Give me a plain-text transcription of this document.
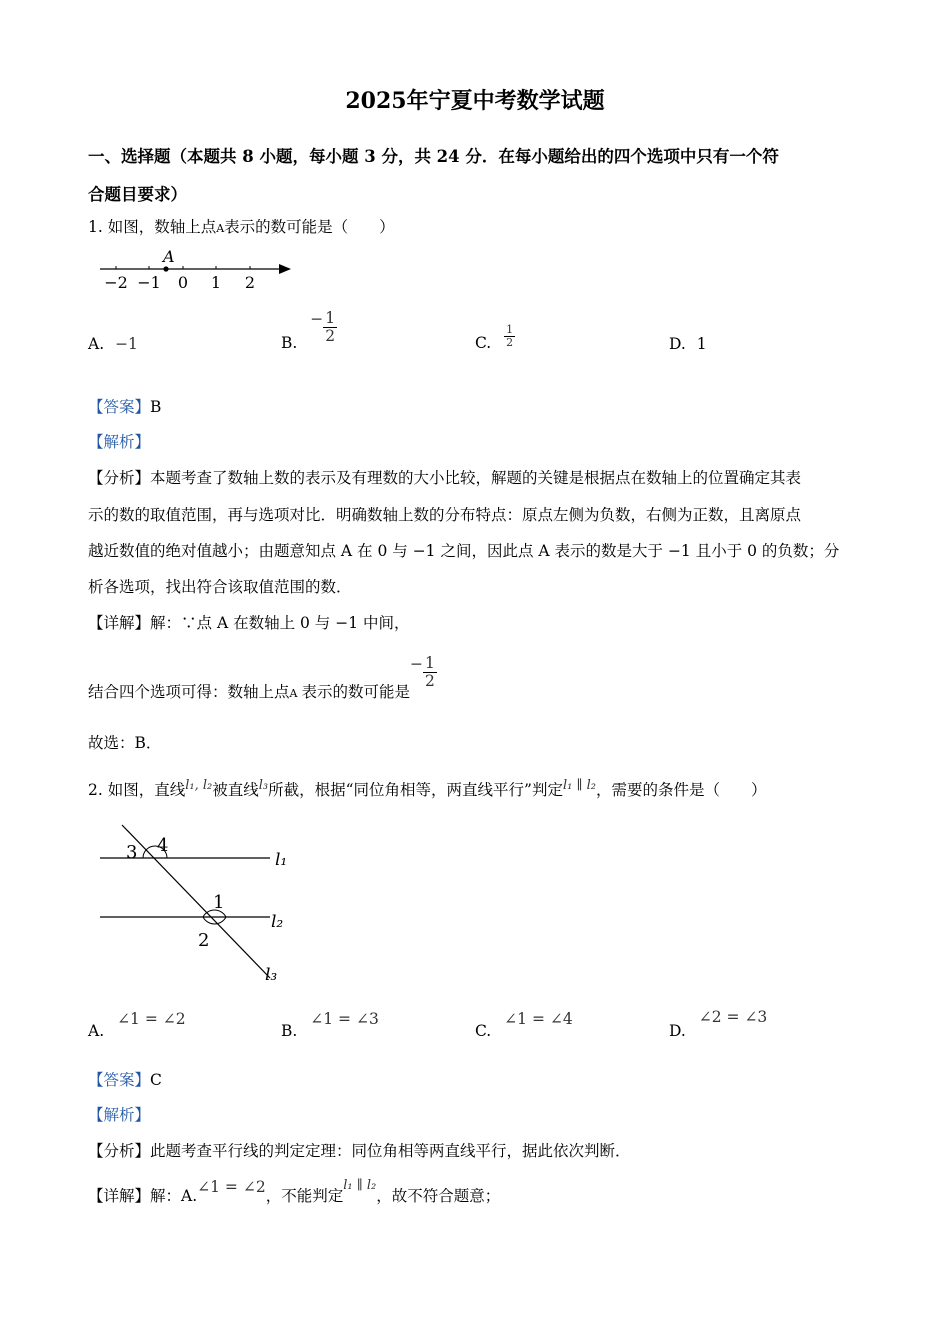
2025年宁夏中考数学试题
一、选择题（本题共 8 小题，每小题 3 分，共 24 分．在每小题给出的四个选项中只有一个符
合题目要求）
1. 如图，数轴上点A表示的数可能是（　　）
A
−2 −1 0 1 2
A. −1	B. − $\frac{1}{2}$	C. $\frac{1}{2}$	D. 1
【答案】B
【解析】
【分析】本题考查了数轴上数的表示及有理数的大小比较，解题的关键是根据点在数轴上的位置确定其表
示的数的取值范围，再与选项对比．明确数轴上数的分布特点：原点左侧为负数，右侧为正数，且离原点
越近数值的绝对值越小；由题意知点 A 在 0 与 −1 之间，因此点 A 表示的数是大于 −1 且小于 0 的负数；分
析各选项，找出符合该取值范围的数．
【详解】解：∵点 A 在数轴上 0 与 −1 中间，
结合四个选项可得：数轴上点A 表示的数可能是− $\frac{1}{2}$
故选：B．
2. 如图，直线$^{l_1, l_2}$被直线$^{l_3}$所截，根据“同位角相等，两直线平行”判定$^{l_1 \parallel l_2}$，需要的条件是（　　）
3 4
l₁
1
l₂
2
l₃
A. ∠1 = ∠2
B. ∠1 = ∠3
C. ∠1 = ∠4
D. ∠2 = ∠3
【答案】C
【解析】
【分析】此题考查平行线的判定定理：同位角相等两直线平行，据此依次判断．
【详解】解：A.∠1 = ∠2，不能判定$^{l_1 \parallel l_2}$，故不符合题意；
